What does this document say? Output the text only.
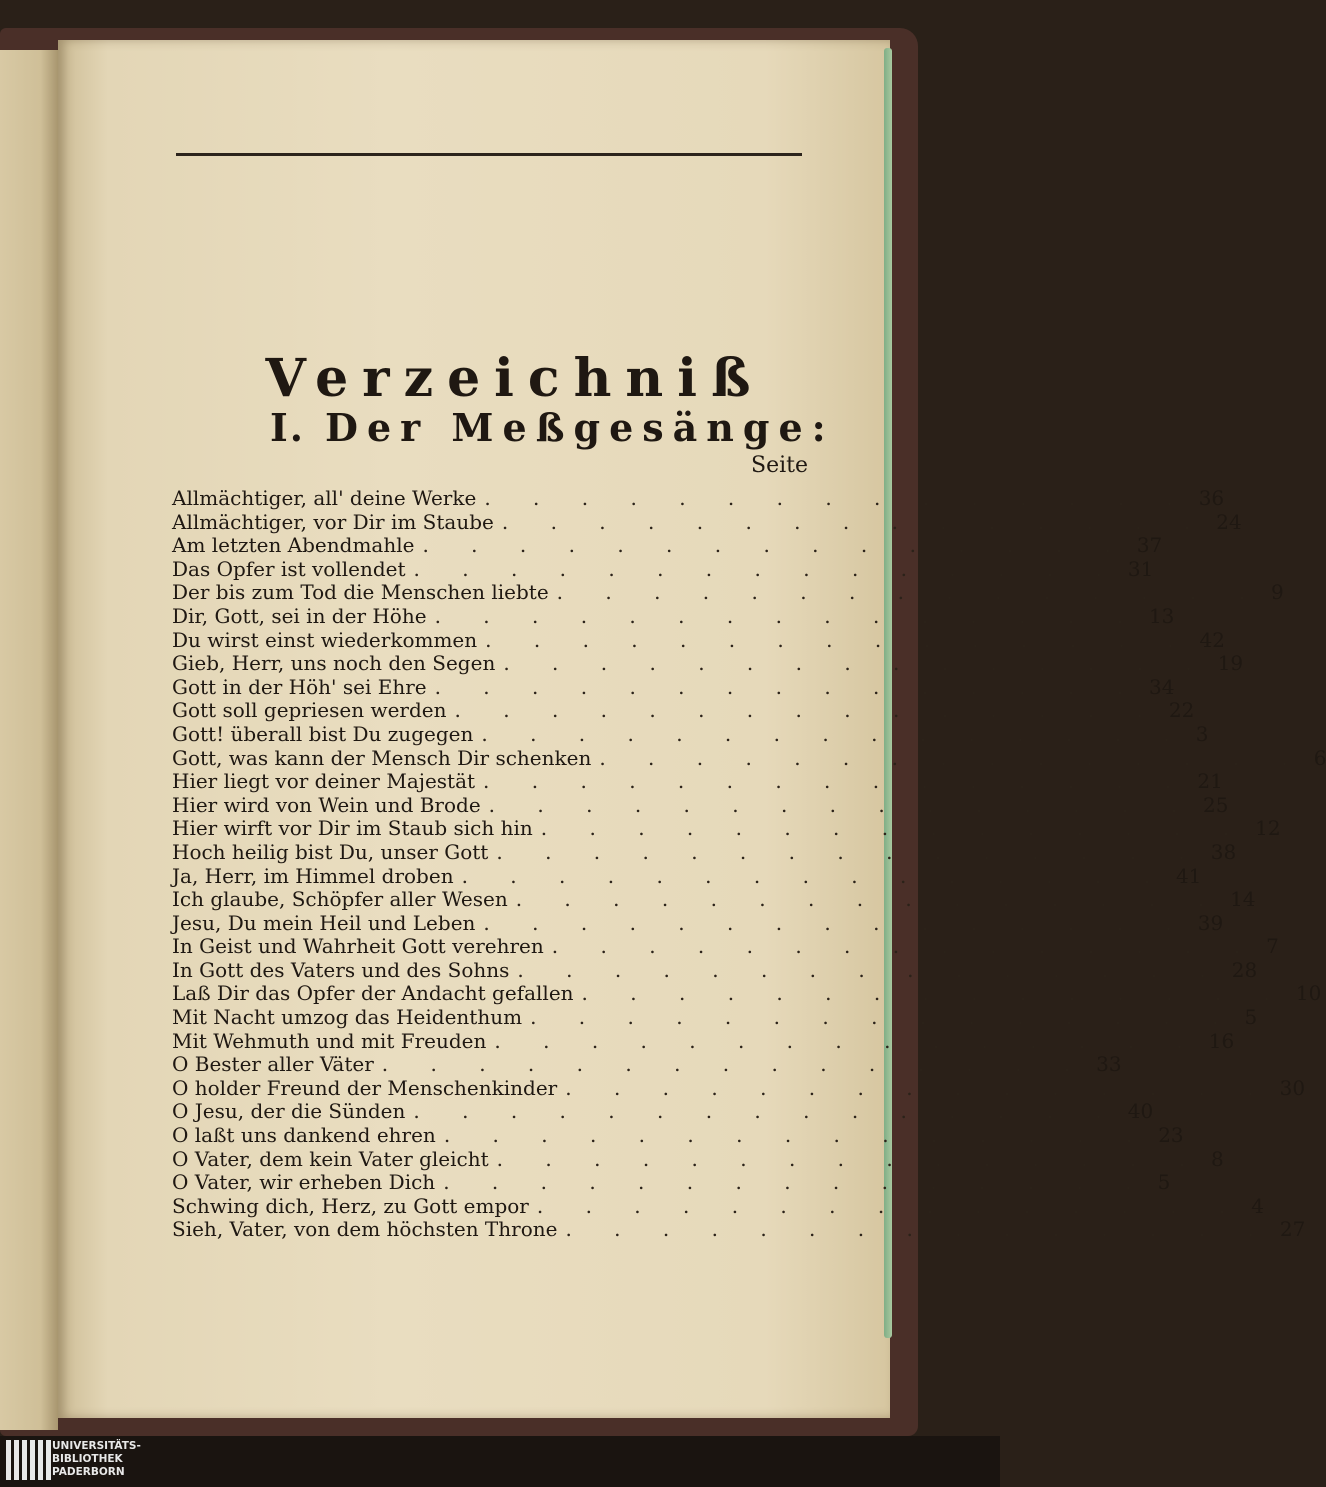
Verzeichniß
I. Der Meßgesänge:
Seite
Allmächtiger, all' deine Werke . . . . . . . . . . . . . . . 36
Allmächtiger, vor Dir im Staube . . . . . . . . . . . . . . . 24
Am letzten Abendmahle . . . . . . . . . . . . . . . 37
Das Opfer ist vollendet . . . . . . . . . . . . . . . 31
Der bis zum Tod die Menschen liebte . . . . . . . . . . . . . . . 9
Dir, Gott, sei in der Höhe . . . . . . . . . . . . . . . 13
Du wirst einst wiederkommen . . . . . . . . . . . . . . . 42
Gieb, Herr, uns noch den Segen . . . . . . . . . . . . . . . 19
Gott in der Höh' sei Ehre . . . . . . . . . . . . . . . 34
Gott soll gepriesen werden . . . . . . . . . . . . . . . 22
Gott! überall bist Du zugegen . . . . . . . . . . . . . . . 3
Gott, was kann der Mensch Dir schenken . . . . . . . . . . . . . . . 6
Hier liegt vor deiner Majestät . . . . . . . . . . . . . . . 21
Hier wird von Wein und Brode . . . . . . . . . . . . . . . 25
Hier wirft vor Dir im Staub sich hin . . . . . . . . . . . . . . . 12
Hoch heilig bist Du, unser Gott . . . . . . . . . . . . . . . 38
Ja, Herr, im Himmel droben . . . . . . . . . . . . . . . 41
Ich glaube, Schöpfer aller Wesen . . . . . . . . . . . . . . . 14
Jesu, Du mein Heil und Leben . . . . . . . . . . . . . . . 39
In Geist und Wahrheit Gott verehren . . . . . . . . . . . . . . . 7
In Gott des Vaters und des Sohns . . . . . . . . . . . . . . . 28
Laß Dir das Opfer der Andacht gefallen . . . . . . . . . . . . . . . 10
Mit Nacht umzog das Heidenthum . . . . . . . . . . . . . . . 5
Mit Wehmuth und mit Freuden . . . . . . . . . . . . . . . 16
O Bester aller Väter . . . . . . . . . . . . . . . 33
O holder Freund der Menschenkinder . . . . . . . . . . . . . . . 30
O Jesu, der die Sünden . . . . . . . . . . . . . . . 40
O laßt uns dankend ehren . . . . . . . . . . . . . . . 23
O Vater, dem kein Vater gleicht . . . . . . . . . . . . . . . 8
O Vater, wir erheben Dich . . . . . . . . . . . . . . . 5
Schwing dich, Herz, zu Gott empor . . . . . . . . . . . . . . . 4
Sieh, Vater, von dem höchsten Throne . . . . . . . . . . . . . . . 27
UNIVERSITÄTS-
BIBLIOTHEK
PADERBORN
